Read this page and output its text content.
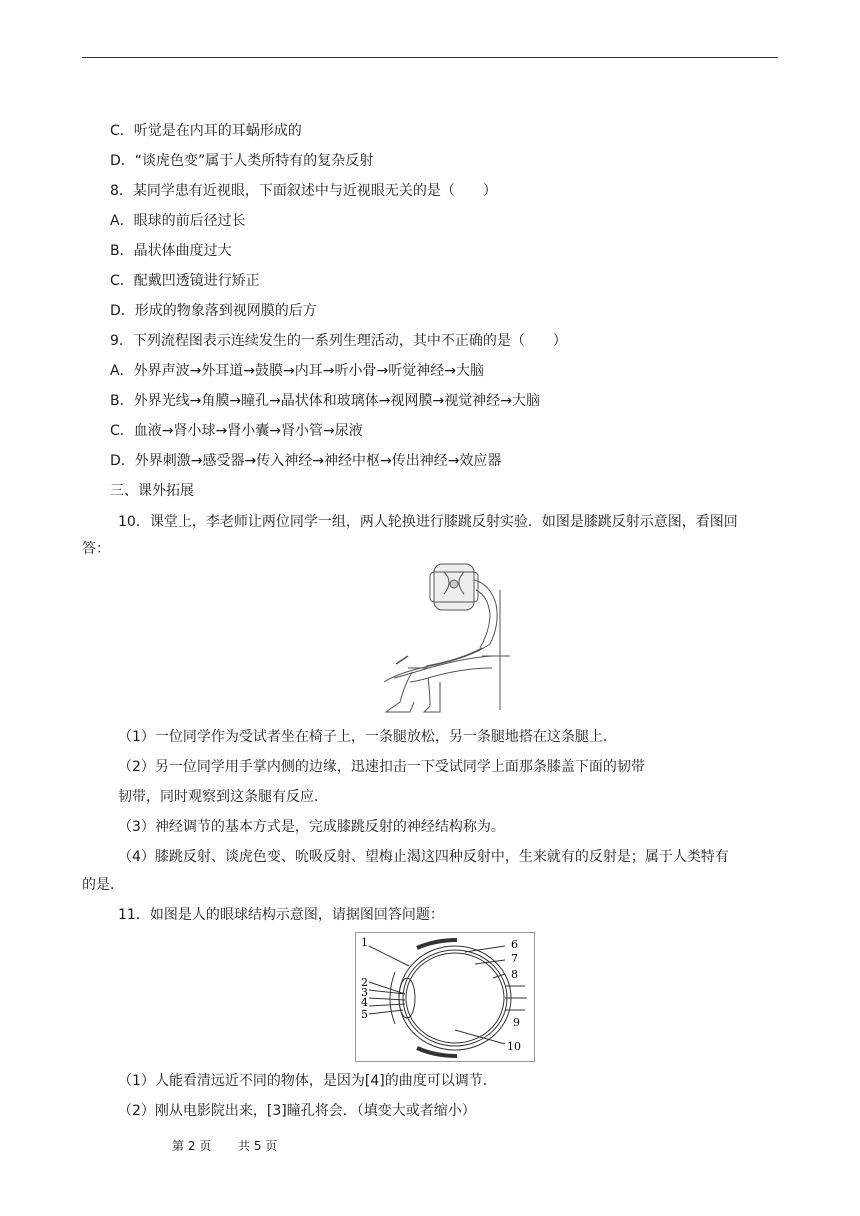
C．听觉是在内耳的耳蜗形成的
D．“谈虎色变”属于人类所特有的复杂反射
8．某同学患有近视眼，下面叙述中与近视眼无关的是（　　）
A．眼球的前后径过长
B．晶状体曲度过大
C．配戴凹透镜进行矫正
D．形成的物象落到视网膜的后方
9．下列流程图表示连续发生的一系列生理活动，其中不正确的是（　　）
A．外界声波→外耳道→鼓膜→内耳→听小骨→听觉神经→大脑
B．外界光线→角膜→瞳孔→晶状体和玻璃体→视网膜→视觉神经→大脑
C．血液→肾小球→肾小囊→肾小管→尿液
D．外界刺激→感受器→传入神经→神经中枢→传出神经→效应器
三、课外拓展
10．课堂上，李老师让两位同学一组，两人轮换进行膝跳反射实验．如图是膝跳反射示意图，看图回
答：
（1）一位同学作为受试者坐在椅子上，一条腿放松，另一条腿地搭在这条腿上．
（2）另一位同学用手掌内侧的边缘，迅速扣击一下受试同学上面那条膝盖下面的韧带
韧带，同时观察到这条腿有反应．
（3）神经调节的基本方式是，完成膝跳反射的神经结构称为。
（4）膝跳反射、谈虎色变、吮吸反射、望梅止渴这四种反射中，生来就有的反射是；属于人类特有
的是．
11．如图是人的眼球结构示意图，请据图回答问题：
1
2
3
4
5
6
7
8
9
10
（1）人能看清远近不同的物体，是因为[4]的曲度可以调节．
（2）刚从电影院出来，[3]瞳孔将会．（填变大或者缩小）
第 2 页 共 5 页
